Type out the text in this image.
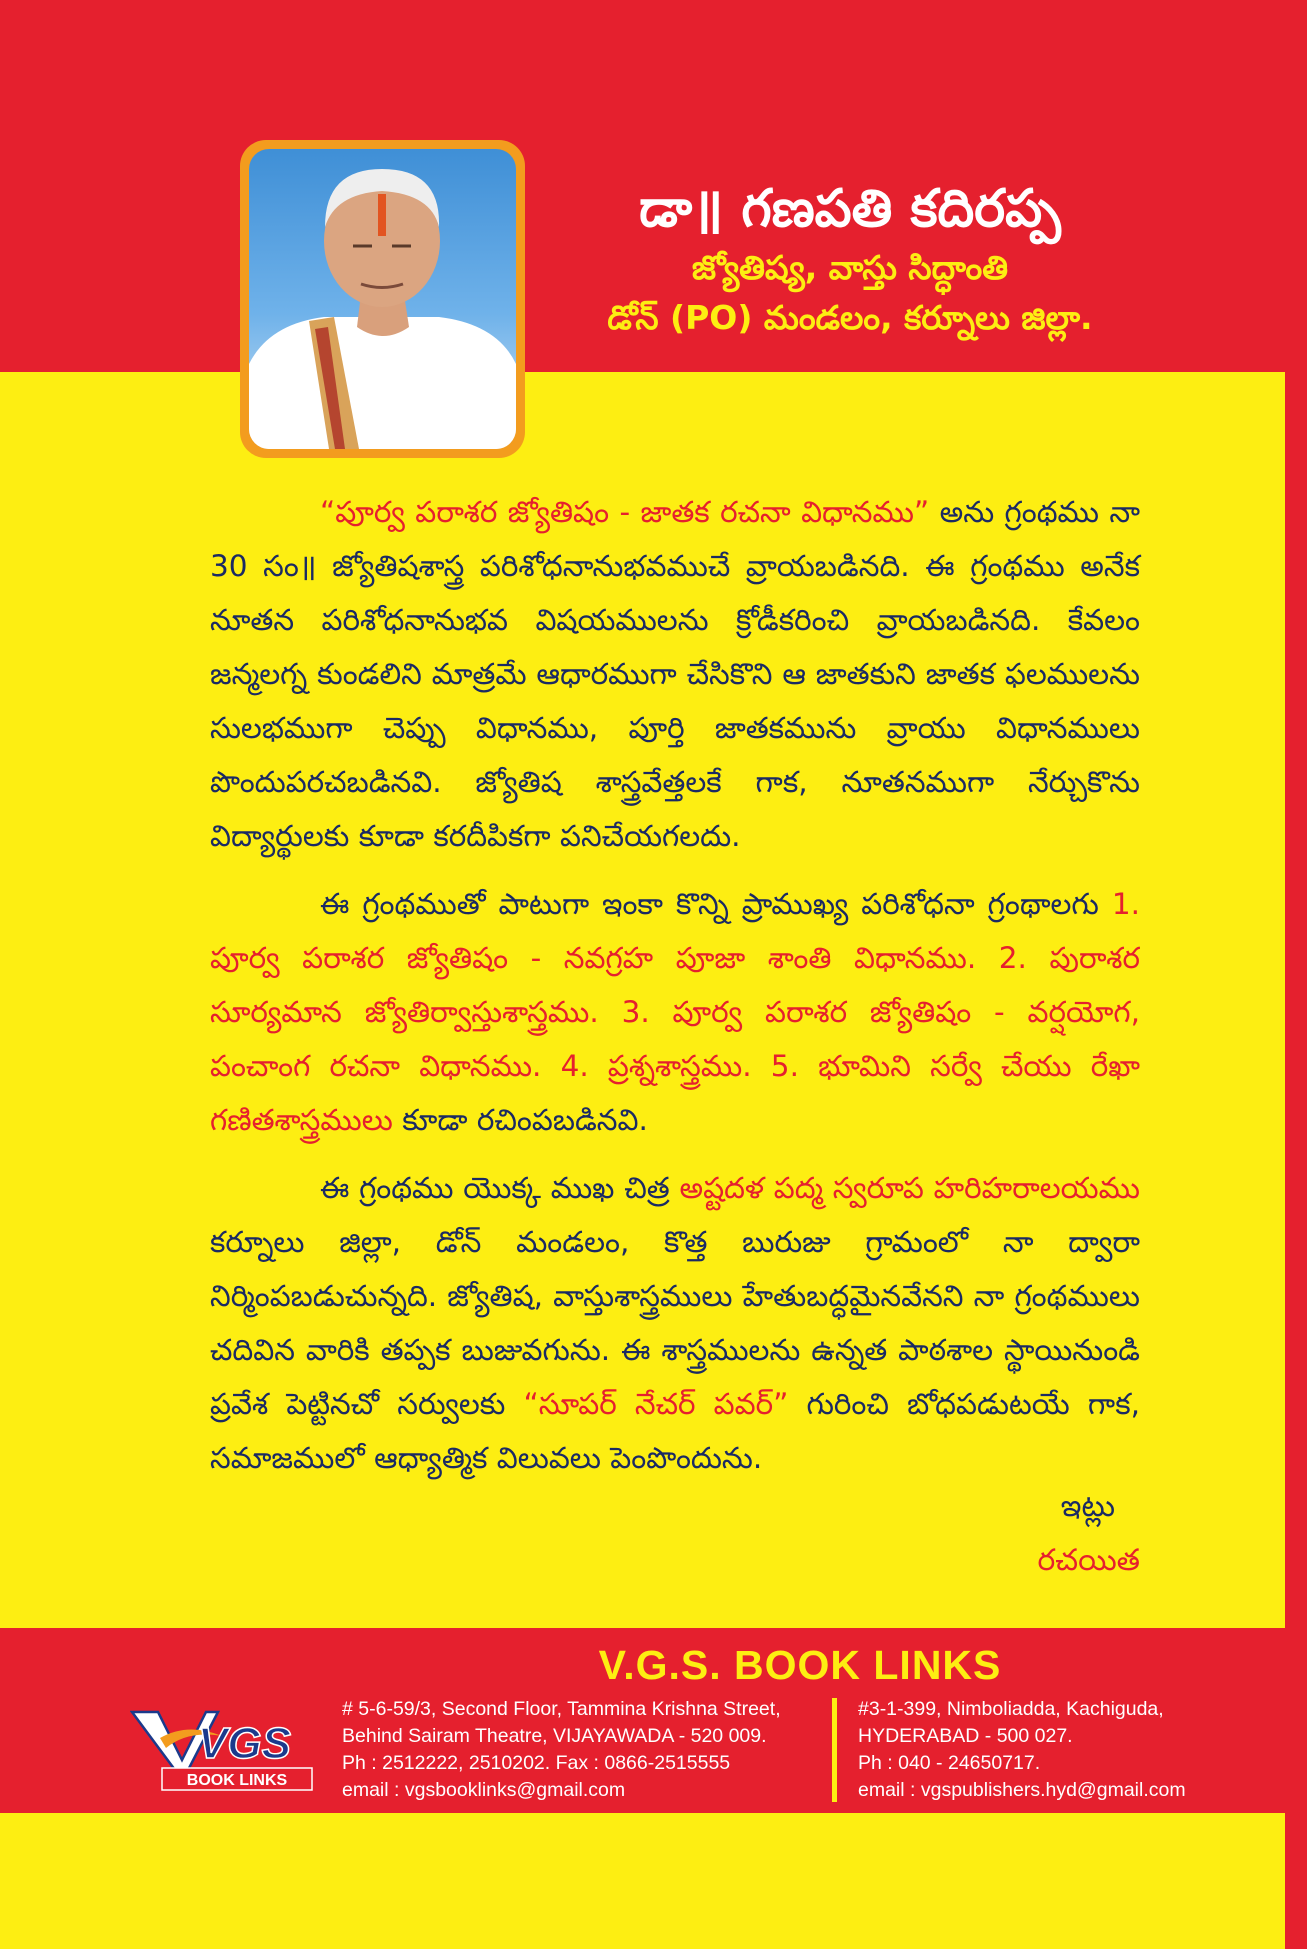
డా॥ గణపతి కదిరప్ప
జ్యోతిష్య, వాస్తు సిద్ధాంతి
డోన్ (PO) మండలం, కర్నూలు జిల్లా.

“పూర్వ పరాశర జ్యోతిషం - జాతక రచనా విధానము” అను గ్రంథము నా 30 సం॥ జ్యోతిషశాస్త్ర పరిశోధనానుభవముచే వ్రాయబడినది. ఈ గ్రంథము అనేక నూతన పరిశోధనానుభవ విషయములను క్రోడీకరించి వ్రాయబడినది. కేవలం జన్మలగ్న కుండలిని మాత్రమే ఆధారముగా చేసికొని ఆ జాతకుని జాతక ఫలములను సులభముగా చెప్పు విధానము, పూర్తి జాతకమును వ్రాయు విధానములు పొందుపరచబడినవి. జ్యోతిష శాస్త్రవేత్తలకే గాక, నూతనముగా నేర్చుకొను విద్యార్థులకు కూడా కరదీపికగా పనిచేయగలదు.

ఈ గ్రంథముతో పాటుగా ఇంకా కొన్ని ప్రాముఖ్య పరిశోధనా గ్రంథాలగు 1. పూర్వ పరాశర జ్యోతిషం - నవగ్రహ పూజా శాంతి విధానము. 2. పురాశర సూర్యమాన జ్యోతిర్వాస్తుశాస్త్రము. 3. పూర్వ పరాశర జ్యోతిషం - వర్షయోగ, పంచాంగ రచనా విధానము. 4. ప్రశ్నశాస్త్రము. 5. భూమిని సర్వే చేయు రేఖా గణితశాస్త్రములు కూడా రచింపబడినవి.

ఈ గ్రంథము యొక్క ముఖ చిత్ర అష్టదళ పద్మ స్వరూప హరిహరాలయము కర్నూలు జిల్లా, డోన్ మండలం, కొత్త బురుజు గ్రామంలో నా ద్వారా నిర్మింపబడుచున్నది. జ్యోతిష, వాస్తుశాస్త్రములు హేతుబద్ధమైనవేనని నా గ్రంథములు చదివిన వారికి తప్పక బుజువగును. ఈ శాస్త్రములను ఉన్నత పాఠశాల స్థాయినుండి ప్రవేశ పెట్టినచో సర్వులకు “సూపర్ నేచర్ పవర్” గురించి బోధపడుటయే గాక, సమాజములో ఆధ్యాత్మిక విలువలు పెంపొందును.

ఇట్లు
రచయిత
V.G.S. BOOK LINKS
VGS
BOOK LINKS
# 5-6-59/3, Second Floor, Tammina Krishna Street,
Behind Sairam Theatre, VIJAYAWADA - 520 009.
Ph : 2512222, 2510202. Fax : 0866-2515555
email : vgsbooklinks@gmail.com
#3-1-399, Nimboliadda, Kachiguda,
HYDERABAD - 500 027.
Ph : 040 - 24650717.
email : vgspublishers.hyd@gmail.com
